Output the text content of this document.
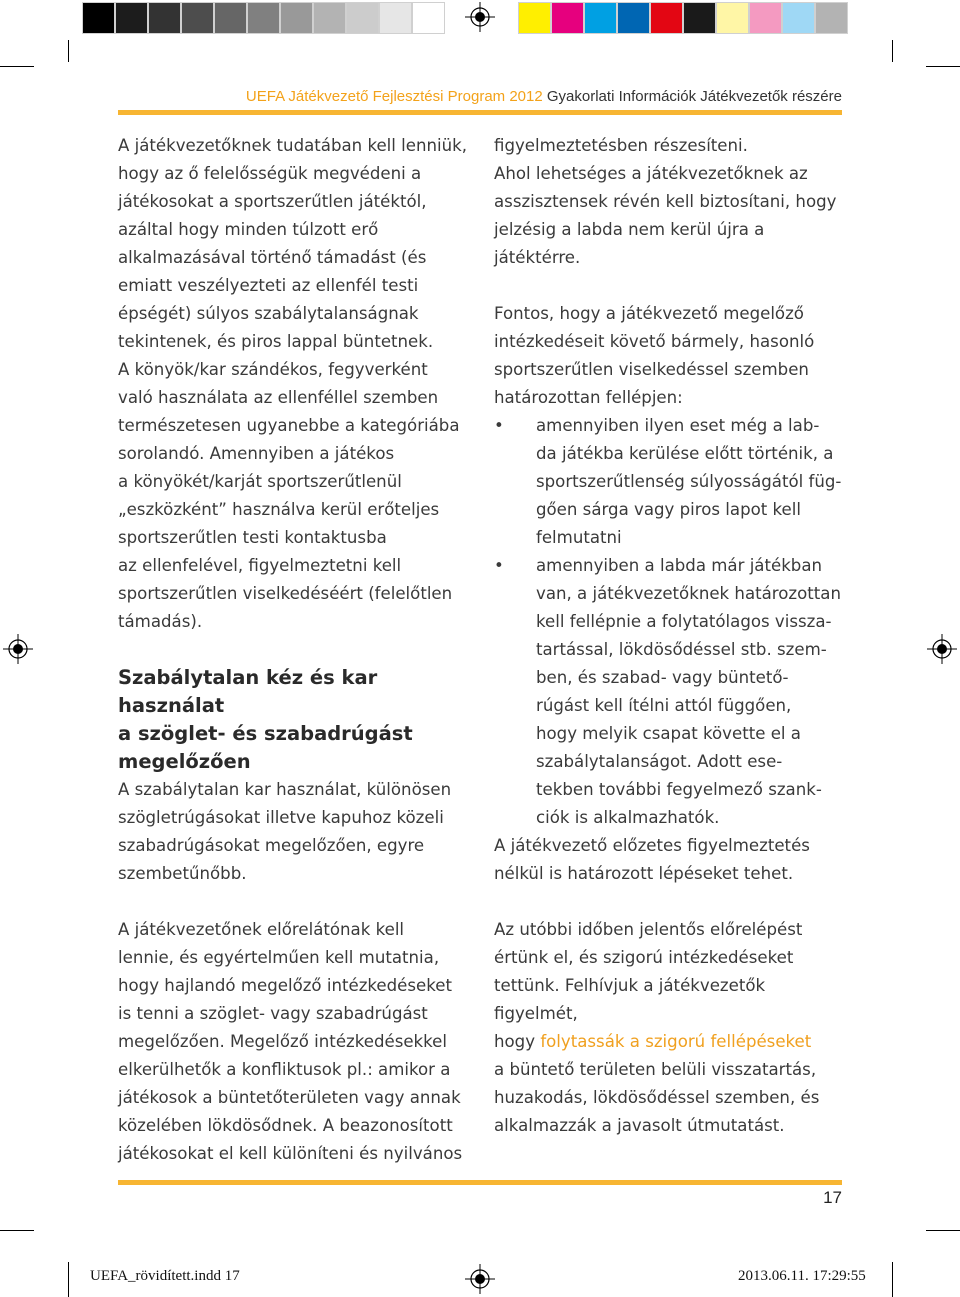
UEFA Játékvezető Fejlesztési Program 2012 Gyakorlati Információk Játékvezetők részére

A játékvezetőknek tudatában kell lenniük,
hogy az ő felelősségük megvédeni a
játékosokat a sportszerűtlen játéktól,
azáltal hogy minden túlzott erő
alkalmazásával történő támadást (és
emiatt veszélyezteti az ellenfél testi
épségét) súlyos szabálytalanságnak
tekintenek, és piros lappal büntetnek.
A könyök/kar szándékos, fegyverként
való használata az ellenféllel szemben
természetesen ugyanebbe a kategóriába
sorolandó. Amennyiben a játékos
a könyökét/karját sportszerűtlenül
„eszközként” használva kerül erőteljes
sportszerűtlen testi kontaktusba
az ellenfelével, figyelmeztetni kell
sportszerűtlen viselkedéséért (felelőtlen
támadás).

Szabálytalan kéz és kar használat
a szöglet- és szabadrúgást
megelőzően

A szabálytalan kar használat, különösen
szögletrúgásokat illetve kapuhoz közeli
szabadrúgásokat megelőzően, egyre
szembetűnőbb.

A játékvezetőnek előrelátónak kell
lennie, és egyértelműen kell mutatnia,
hogy hajlandó megelőző intézkedéseket
is tenni a szöglet- vagy szabadrúgást
megelőzően. Megelőző intézkedésekkel
elkerülhetők a konfliktusok pl.: amikor a
játékosok a büntetőterületen vagy annak
közelében lökdösődnek. A beazonosított
játékosokat el kell különíteni és nyilvános

figyelmeztetésben részesíteni.
Ahol lehetséges a játékvezetőknek az
asszisztensek révén kell biztosítani, hogy
jelzésig a labda nem kerül újra a játéktérre.

Fontos, hogy a játékvezető megelőző
intézkedéseit követő bármely, hasonló
sportszerűtlen viselkedéssel szemben
határozottan fellépjen:

• amennyiben ilyen eset még a lab-
da játékba kerülése előtt történik, a
sportszerűtlenség súlyosságától füg-
gően sárga vagy piros lapot kell
felmutatni
• amennyiben a labda már játékban
van, a játékvezetőknek határozottan
kell fellépnie a folytatólagos vissza-
tartással, lökdösődéssel stb. szem-
ben, és szabad- vagy büntető-
rúgást kell ítélni attól függően,
hogy melyik csapat követte el a
szabálytalanságot. Adott ese-
tekben további fegyelmező szank-
ciók is alkalmazhatók.

A játékvezető előzetes figyelmeztetés
nélkül is határozott lépéseket tehet.

Az utóbbi időben jelentős előrelépést
értünk el, és szigorú intézkedéseket
tettünk. Felhívjuk a játékvezetők figyelmét,
hogy folytassák a szigorú fellépéseket
a büntető területen belüli visszatartás,
huzakodás, lökdösődéssel szemben, és
alkalmazzák a javasolt útmutatást.

17
UEFA_rövidített.indd 17	2013.06.11. 17:29:55
